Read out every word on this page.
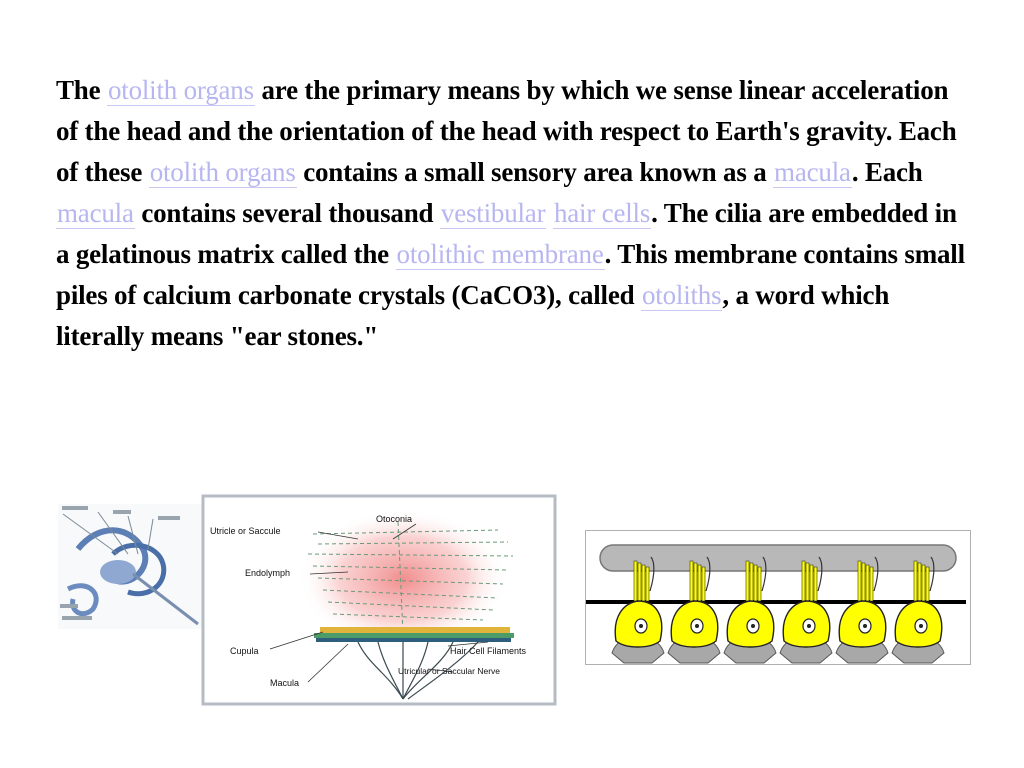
The otolith organs are the primary means by which we sense linear acceleration of the head and the orientation of the head with respect to Earth's gravity. Each of these otolith organs contains a small sensory area known as a macula. Each macula contains several thousand vestibular hair cells. The cilia are embedded in a gelatinous matrix called the otolithic membrane. This membrane contains small piles of calcium carbonate crystals (CaCO3), called otoliths, a word which literally means "ear stones."
Utricle or Saccule
Otoconia
Endolymph
Cupula	Hair Cell Filaments
Utricular or Saccular Nerve
Macula
